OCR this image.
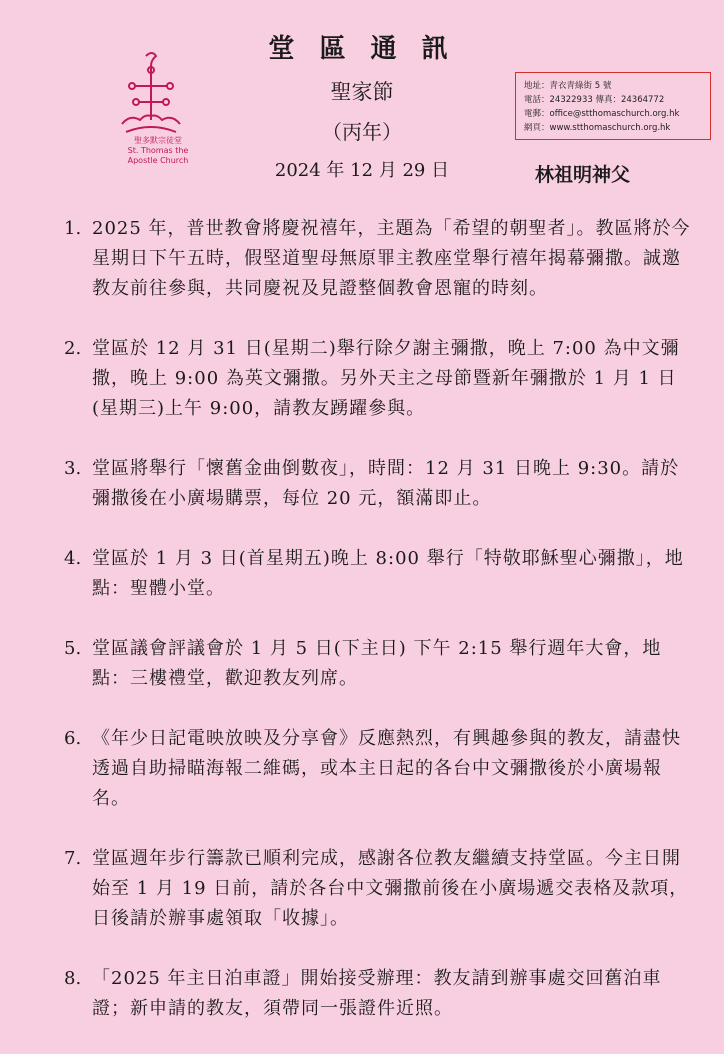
聖多默宗徒堂
St. Thomas the Apostle Church
堂 區 通 訊
聖家節
（丙年）
2024 年 12 月 29 日	林祖明神父
地址：青衣青綠街 5 號
電話：24322933 傳真：24364772
電郵：office@stthomaschurch.org.hk
網頁：www.stthomaschurch.org.hk
1. 2025 年，普世教會將慶祝禧年，主題為「希望的朝聖者」。教區將於今星期日下午五時，假堅道聖母無原罪主教座堂舉行禧年揭幕彌撒。誠邀教友前往參與，共同慶祝及見證整個教會恩寵的時刻。
2. 堂區於 12 月 31 日(星期二)舉行除夕謝主彌撒，晚上 7:00 為中文彌撒，晚上 9:00 為英文彌撒。另外天主之母節暨新年彌撒於 1 月 1 日(星期三)上午 9:00，請教友踴躍參與。
3. 堂區將舉行「懷舊金曲倒數夜」，時間：12 月 31 日晚上 9:30。請於彌撒後在小廣場購票，每位 20 元，額滿即止。
4. 堂區於 1 月 3 日(首星期五)晚上 8:00 舉行「特敬耶穌聖心彌撒」，地點：聖體小堂。
5. 堂區議會評議會於 1 月 5 日(下主日) 下午 2:15 舉行週年大會，地點：三樓禮堂，歡迎教友列席。
6. 《年少日記電映放映及分享會》反應熱烈，有興趣參與的教友，請盡快透過自助掃瞄海報二維碼，或本主日起的各台中文彌撒後於小廣場報名。
7. 堂區週年步行籌款已順利完成，感謝各位教友繼續支持堂區。今主日開始至 1 月 19 日前，請於各台中文彌撒前後在小廣場遞交表格及款項，日後請於辦事處領取「收據」。
8. 「2025 年主日泊車證」開始接受辦理：教友請到辦事處交回舊泊車證；新申請的教友，須帶同一張證件近照。
